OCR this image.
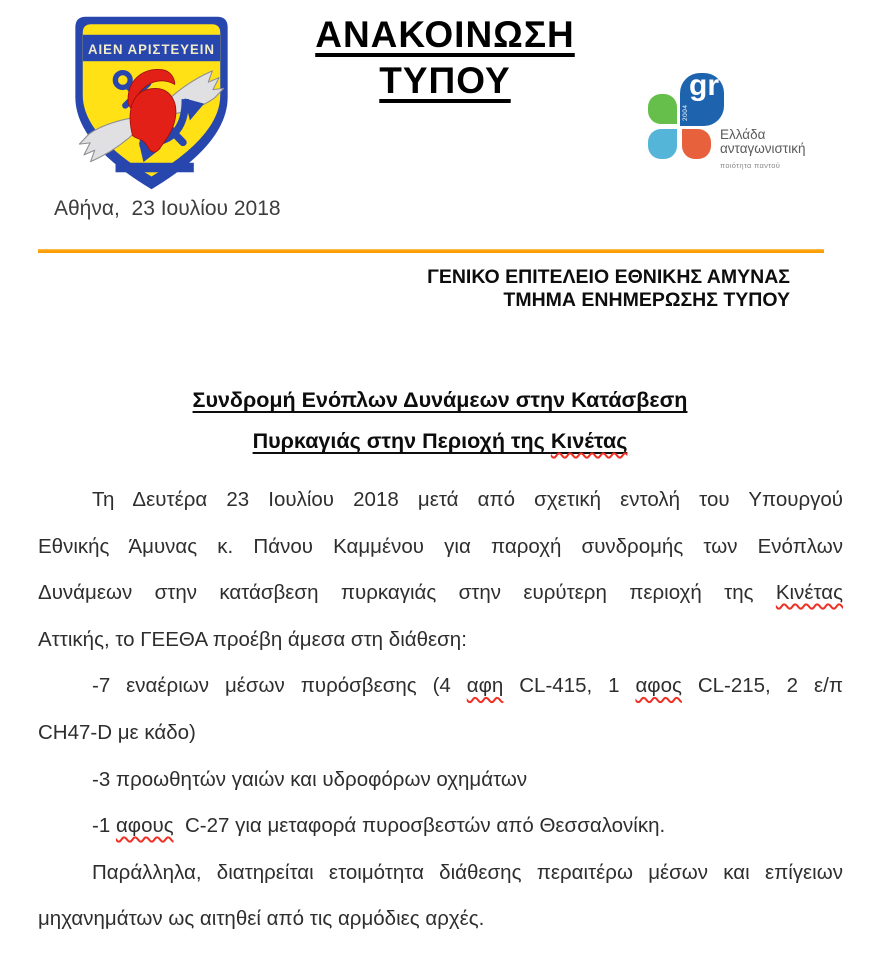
ΑΙΕΝ ΑΡΙΣΤΕΥΕΙΝ	ΑΝΑΚΟΙΝΩΣΗ
ΤΥΠΟΥ	gr
2004
Ελλάδα
ανταγωνιστική
ποιότητα παντού
Αθήνα,  23 Ιουλίου 2018
ΓΕΝΙΚΟ ΕΠΙΤΕΛΕΙΟ ΕΘΝΙΚΗΣ ΑΜΥΝΑΣ
ΤΜΗΜΑ ΕΝΗΜΕΡΩΣΗΣ ΤΥΠΟΥ
Συνδρομή Ενόπλων Δυνάμεων στην Κατάσβεση
Πυρκαγιάς στην Περιοχή της Κινέτας
Τη Δευτέρα 23 Ιουλίου 2018 μετά από σχετική εντολή του Υπουργού
Εθνικής Άμυνας κ. Πάνου Καμμένου για παροχή συνδρομής των Ενόπλων
Δυνάμεων στην κατάσβεση πυρκαγιάς στην ευρύτερη περιοχή της Κινέτας
Αττικής, το ΓΕΕΘΑ προέβη άμεσα στη διάθεση:
-7 εναέριων μέσων πυρόσβεσης (4 αφη CL-415, 1 αφος CL-215, 2 ε/π
CH47-D με κάδο)
-3 προωθητών γαιών και υδροφόρων οχημάτων
-1 αφους  C-27 για μεταφορά πυροσβεστών από Θεσσαλονίκη.
Παράλληλα, διατηρείται ετοιμότητα διάθεσης περαιτέρω μέσων και επίγειων
μηχανημάτων ως αιτηθεί από τις αρμόδιες αρχές.
